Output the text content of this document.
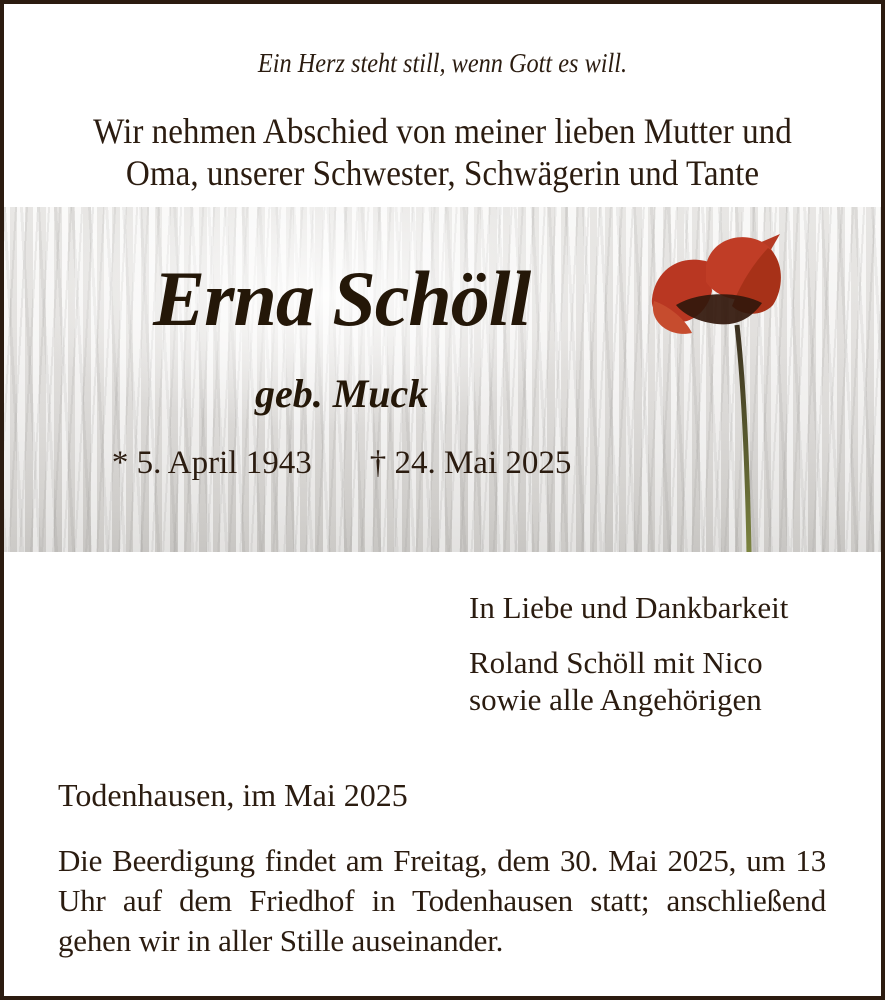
Ein Herz steht still, wenn Gott es will.
Wir nehmen Abschied von meiner lieben Mutter und
Oma, unserer Schwester, Schwägerin und Tante
Erna Schöll
geb. Muck
* 5. April 1943 † 24. Mai 2025
In Liebe und Dankbarkeit
Roland Schöll mit Nico
sowie alle Angehörigen
Todenhausen, im Mai 2025
Die Beerdigung findet am Freitag, dem 30. Mai 2025, um 13 Uhr auf dem Friedhof in Todenhausen statt; anschließend gehen wir in aller Stille auseinander.
